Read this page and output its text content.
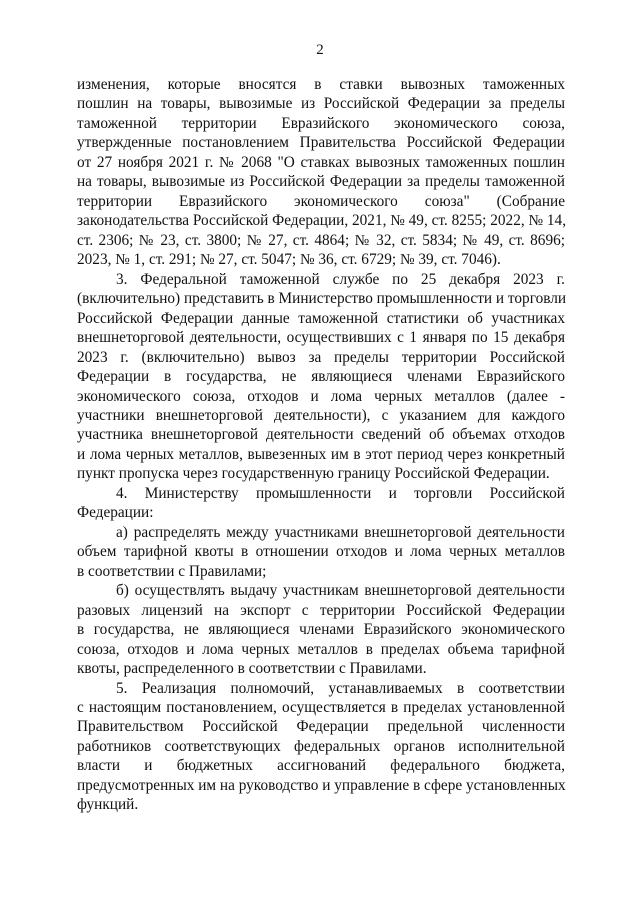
2
изменения, которые вносятся в ставки вывозных таможенных
пошлин на товары, вывозимые из Российской Федерации за пределы
таможенной территории Евразийского экономического союза,
утвержденные постановлением Правительства Российской Федерации
от 27 ноября 2021 г. № 2068 "О ставках вывозных таможенных пошлин
на товары, вывозимые из Российской Федерации за пределы таможенной
территории Евразийского экономического союза" (Собрание
законодательства Российской Федерации, 2021, № 49, ст. 8255; 2022, № 14,
ст. 2306; № 23, ст. 3800; № 27, ст. 4864; № 32, ст. 5834; № 49, ст. 8696;
2023, № 1, ст. 291; № 27, ст. 5047; № 36, ст. 6729; № 39, ст. 7046).
3. Федеральной таможенной службе по 25 декабря 2023 г.
(включительно) представить в Министерство промышленности и торговли
Российской Федерации данные таможенной статистики об участниках
внешнеторговой деятельности, осуществивших с 1 января по 15 декабря
2023 г. (включительно) вывоз за пределы территории Российской
Федерации в государства, не являющиеся членами Евразийского
экономического союза, отходов и лома черных металлов (далее -
участники внешнеторговой деятельности), с указанием для каждого
участника внешнеторговой деятельности сведений об объемах отходов
и лома черных металлов, вывезенных им в этот период через конкретный
пункт пропуска через государственную границу Российской Федерации.
4. Министерству промышленности и торговли Российской
Федерации:
а) распределять между участниками внешнеторговой деятельности
объем тарифной квоты в отношении отходов и лома черных металлов
в соответствии с Правилами;
б) осуществлять выдачу участникам внешнеторговой деятельности
разовых лицензий на экспорт с территории Российской Федерации
в государства, не являющиеся членами Евразийского экономического
союза, отходов и лома черных металлов в пределах объема тарифной
квоты, распределенного в соответствии с Правилами.
5. Реализация полномочий, устанавливаемых в соответствии
с настоящим постановлением, осуществляется в пределах установленной
Правительством Российской Федерации предельной численности
работников соответствующих федеральных органов исполнительной
власти и бюджетных ассигнований федерального бюджета,
предусмотренных им на руководство и управление в сфере установленных
функций.
